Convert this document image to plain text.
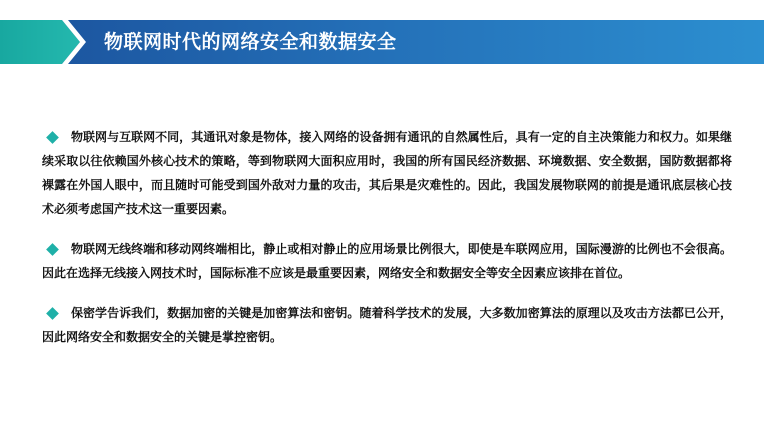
物联网时代的网络安全和数据安全

物联网与互联网不同，其通讯对象是物体，接入网络的设备拥有通讯的自然属性后，具有一定的自主决策能力和权力。如果继续采取以往依赖国外核心技术的策略，等到物联网大面积应用时，我国的所有国民经济数据、环境数据、安全数据，国防数据都将裸露在外国人眼中，而且随时可能受到国外敌对力量的攻击，其后果是灾难性的。因此，我国发展物联网的前提是通讯底层核心技术必须考虑国产技术这一重要因素。

物联网无线终端和移动网终端相比，静止或相对静止的应用场景比例很大，即使是车联网应用，国际漫游的比例也不会很高。因此在选择无线接入网技术时，国际标准不应该是最重要因素，网络安全和数据安全等安全因素应该排在首位。

保密学告诉我们，数据加密的关键是加密算法和密钥。随着科学技术的发展，大多数加密算法的原理以及攻击方法都已公开，因此网络安全和数据安全的关键是掌控密钥。
